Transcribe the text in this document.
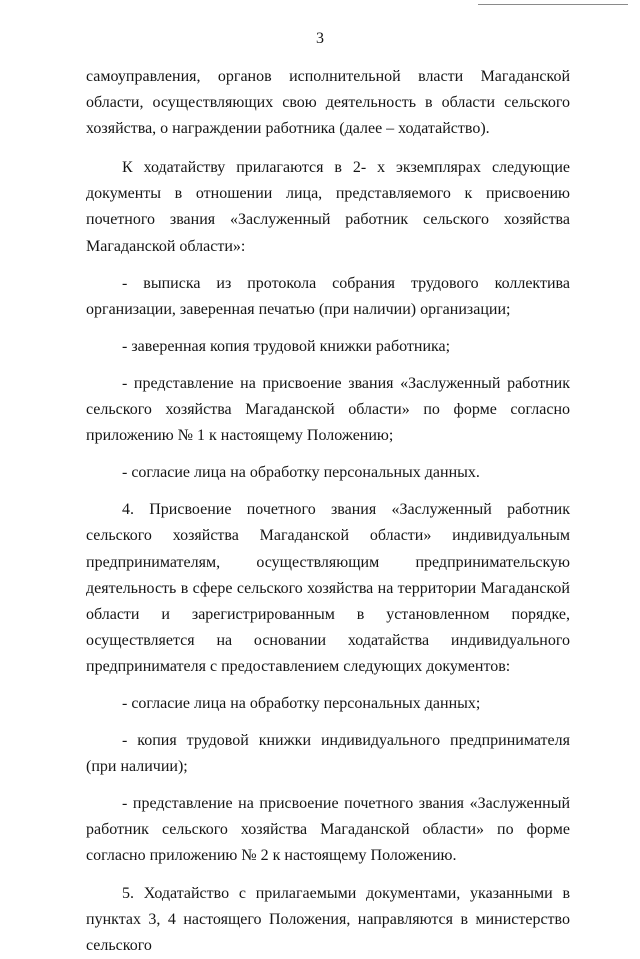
3

самоуправления, органов исполнительной власти Магаданской области, осуществляющих свою деятельность в области сельского хозяйства, о награждении работника (далее – ходатайство).

К ходатайству прилагаются в 2- х экземплярах следующие документы в отношении лица, представляемого к присвоению почетного звания «Заслуженный работник сельского хозяйства Магаданской области»:

- выписка из протокола собрания трудового коллектива организации, заверенная печатью (при наличии) организации;

- заверенная копия трудовой книжки работника;

- представление на присвоение звания «Заслуженный работник сельского хозяйства Магаданской области» по форме согласно приложению № 1 к настоящему Положению;

- согласие лица на обработку персональных данных.

4. Присвоение почетного звания «Заслуженный работник сельского хозяйства Магаданской области» индивидуальным предпринимателям, осуществляющим предпринимательскую деятельность в сфере сельского хозяйства на территории Магаданской области и зарегистрированным в установленном порядке, осуществляется на основании ходатайства индивидуального предпринимателя с предоставлением следующих документов:

- согласие лица на обработку персональных данных;

- копия трудовой книжки индивидуального предпринимателя (при наличии);

- представление на присвоение почетного звания «Заслуженный работник сельского хозяйства Магаданской области» по форме согласно приложению № 2 к настоящему Положению.

5. Ходатайство с прилагаемыми документами, указанными в пунктах 3, 4 настоящего Положения, направляются в министерство сельского
